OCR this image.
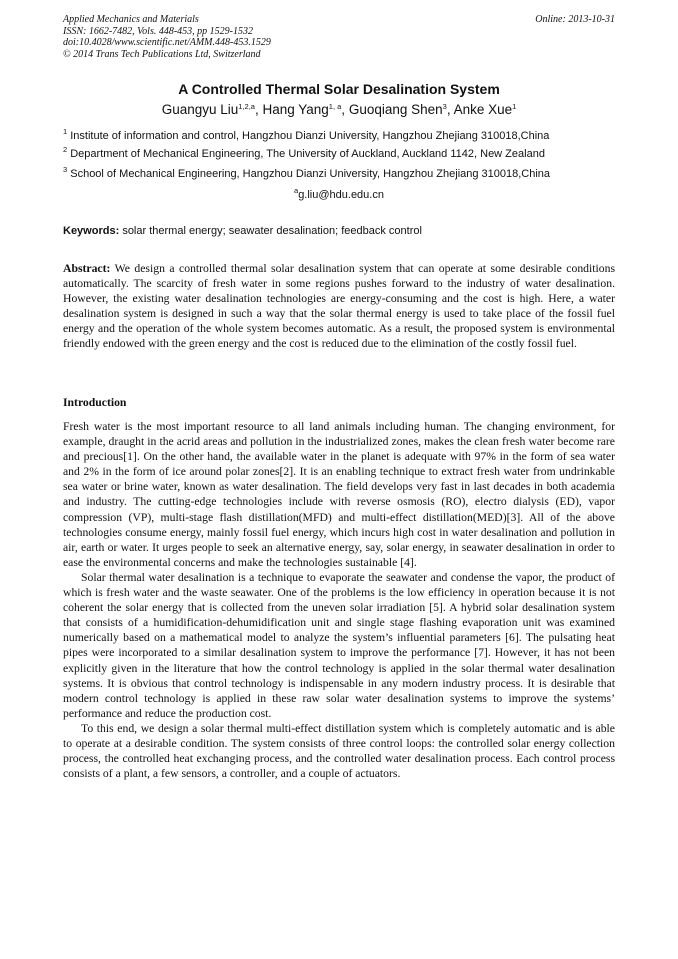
Applied Mechanics and Materials
ISSN: 1662-7482, Vols. 448-453, pp 1529-1532
doi:10.4028/www.scientific.net/AMM.448-453.1529
© 2014 Trans Tech Publications Ltd, Switzerland
Online: 2013-10-31
A Controlled Thermal Solar Desalination System
Guangyu Liu$^{1,2,a}$, Hang Yang$^{1, a}$, Guoqiang Shen$^3$, Anke Xue$^1$
$^1$ Institute of information and control, Hangzhou Dianzi University, Hangzhou Zhejiang 310018,China
$^2$ Department of Mechanical Engineering, The University of Auckland, Auckland 1142, New Zealand
$^3$ School of Mechanical Engineering, Hangzhou Dianzi University, Hangzhou Zhejiang 310018,China
$^a$g.liu@hdu.edu.cn
Keywords: solar thermal energy; seawater desalination; feedback control

Abstract: We design a controlled thermal solar desalination system that can operate at some desirable conditions automatically. The scarcity of fresh water in some regions pushes forward to the industry of water desalination. However, the existing water desalination technologies are energy-consuming and the cost is high. Here, a water desalination system is designed in such a way that the solar thermal energy is used to take place of the fossil fuel energy and the operation of the whole system becomes automatic. As a result, the proposed system is environmental friendly endowed with the green energy and the cost is reduced due to the elimination of the costly fossil fuel.

Introduction

Fresh water is the most important resource to all land animals including human. The changing environment, for example, draught in the acrid areas and pollution in the industrialized zones, makes the clean fresh water become rare and precious[1]. On the other hand, the available water in the planet is adequate with 97% in the form of sea water and 2% in the form of ice around polar zones[2]. It is an enabling technique to extract fresh water from undrinkable sea water or brine water, known as water desalination. The field develops very fast in last decades in both academia and industry. The cutting-edge technologies include with reverse osmosis (RO), electro dialysis (ED), vapor compression (VP), multi-stage flash distillation(MFD) and multi-effect distillation(MED)[3]. All of the above technologies consume energy, mainly fossil fuel energy, which incurs high cost in water desalination and pollution in air, earth or water. It urges people to seek an alternative energy, say, solar energy, in seawater desalination in order to ease the environmental concerns and make the technologies sustainable [4].

Solar thermal water desalination is a technique to evaporate the seawater and condense the vapor, the product of which is fresh water and the waste seawater. One of the problems is the low efficiency in operation because it is not coherent the solar energy that is collected from the uneven solar irradiation [5]. A hybrid solar desalination system that consists of a humidification-dehumidification unit and single stage flashing evaporation unit was examined numerically based on a mathematical model to analyze the system’s influential parameters [6]. The pulsating heat pipes were incorporated to a similar desalination system to improve the performance [7]. However, it has not been explicitly given in the literature that how the control technology is applied in the solar thermal water desalination systems. It is obvious that control technology is indispensable in any modern industry process. It is desirable that modern control technology is applied in these raw solar water desalination systems to improve the systems’ performance and reduce the production cost.

To this end, we design a solar thermal multi-effect distillation system which is completely automatic and is able to operate at a desirable condition. The system consists of three control loops: the controlled solar energy collection process, the controlled heat exchanging process, and the controlled water desalination process. Each control process consists of a plant, a few sensors, a controller, and a couple of actuators.
